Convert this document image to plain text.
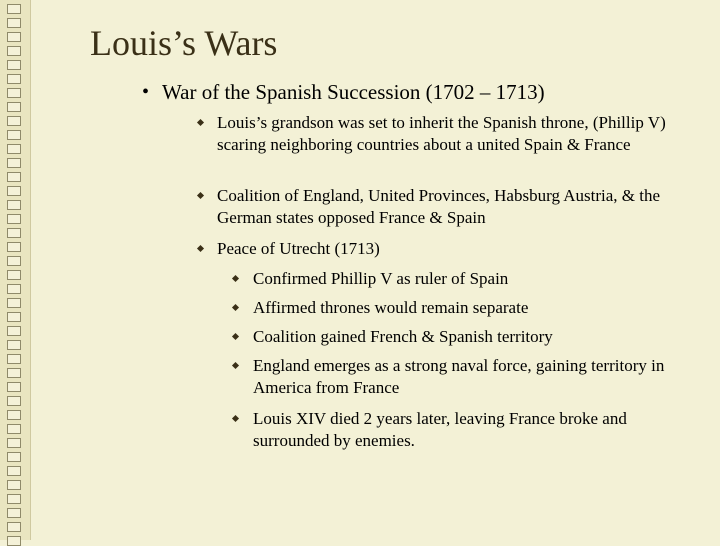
Louis’s Wars
• War of the Spanish Succession (1702 – 1713)
Louis’s grandson was set to inherit the Spanish throne, (Phillip V) scaring neighboring countries about a united Spain & France
Coalition of England, United Provinces, Habsburg Austria, & the German states opposed France & Spain
Peace of Utrecht (1713)
Confirmed Phillip V as ruler of Spain
Affirmed thrones would remain separate
Coalition gained French & Spanish territory
England emerges as a strong naval force, gaining territory in America from France
Louis XIV died 2 years later, leaving France broke and surrounded by enemies.
